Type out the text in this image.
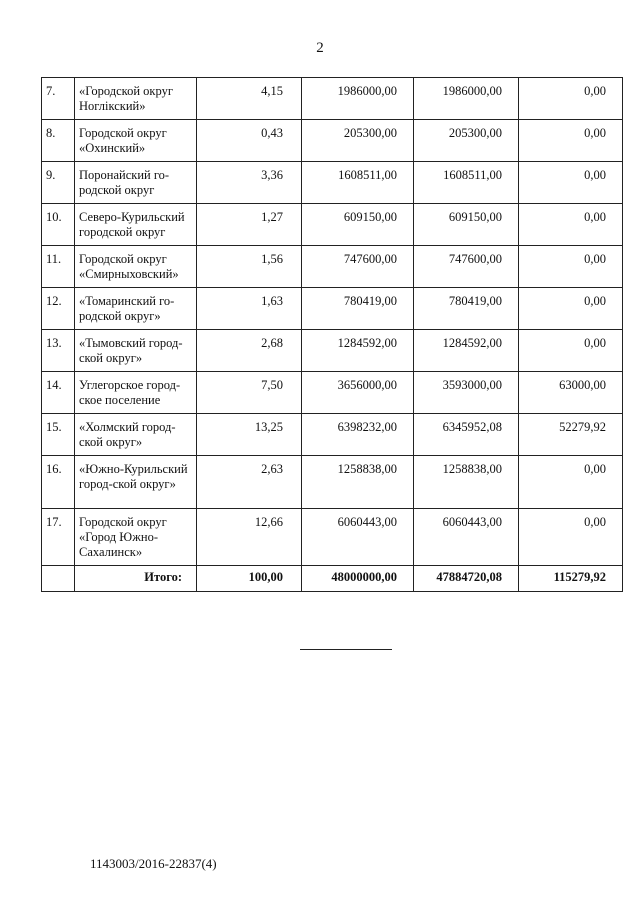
2
7.	«Городской округ Ноглікский»	4,15	1986000,00	1986000,00	0,00
8.	Городской округ «Охинский»	0,43	205300,00	205300,00	0,00
9.	Поронайский го-родской округ	3,36	1608511,00	1608511,00	0,00
10.	Северо-Курильский городской округ	1,27	609150,00	609150,00	0,00
11.	Городской округ «Смирныховский»	1,56	747600,00	747600,00	0,00
12.	«Томаринский го-родской округ»	1,63	780419,00	780419,00	0,00
13.	«Тымовский город-ской округ»	2,68	1284592,00	1284592,00	0,00
14.	Углегорское город-ское поселение	7,50	3656000,00	3593000,00	63000,00
15.	«Холмский город-ской округ»	13,25	6398232,00	6345952,08	52279,92
16.	«Южно-Курильский город-ской округ»	2,63	1258838,00	1258838,00	0,00
17.	Городской округ «Город Южно-Сахалинск»	12,66	6060443,00	6060443,00	0,00
	Итого:	100,00	48000000,00	47884720,08	115279,92
1143003/2016-22837(4)
